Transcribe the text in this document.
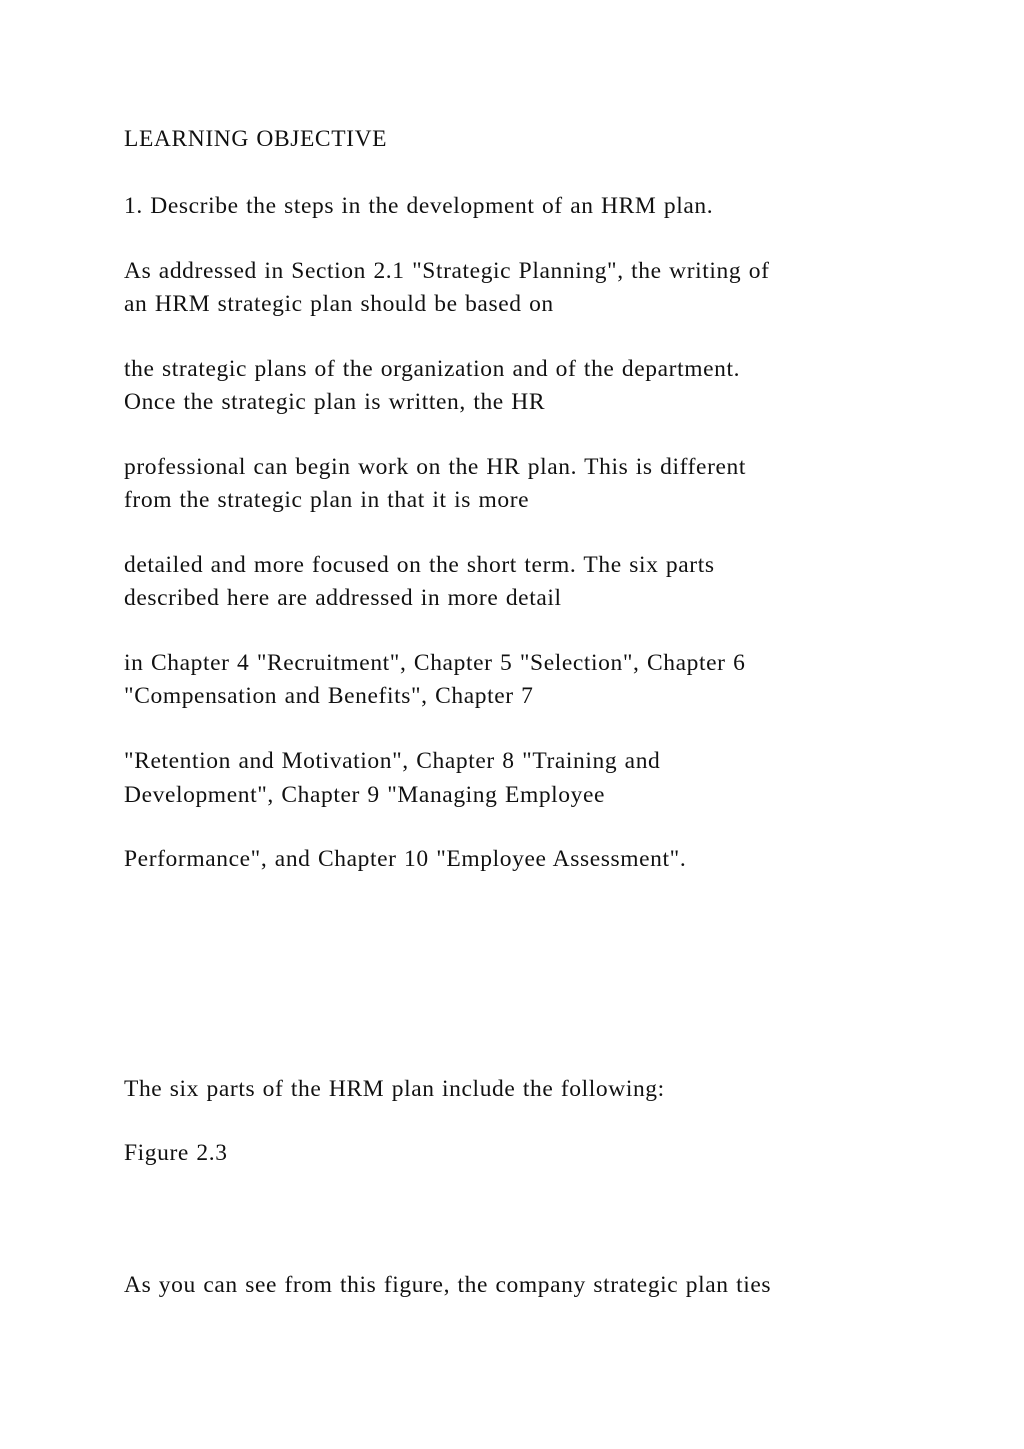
LEARNING OBJECTIVE
1. Describe the steps in the development of an HRM plan.
As addressed in Section 2.1 "Strategic Planning", the writing of
an HRM strategic plan should be based on
the strategic plans of the organization and of the department.
Once the strategic plan is written, the HR
professional can begin work on the HR plan. This is different
from the strategic plan in that it is more
detailed and more focused on the short term. The six parts
described here are addressed in more detail
in Chapter 4 "Recruitment", Chapter 5 "Selection", Chapter 6
"Compensation and Benefits", Chapter 7
"Retention and Motivation", Chapter 8 "Training and
Development", Chapter 9 "Managing Employee
Performance", and Chapter 10 "Employee Assessment".
The six parts of the HRM plan include the following:
Figure 2.3
As you can see from this figure, the company strategic plan ties
